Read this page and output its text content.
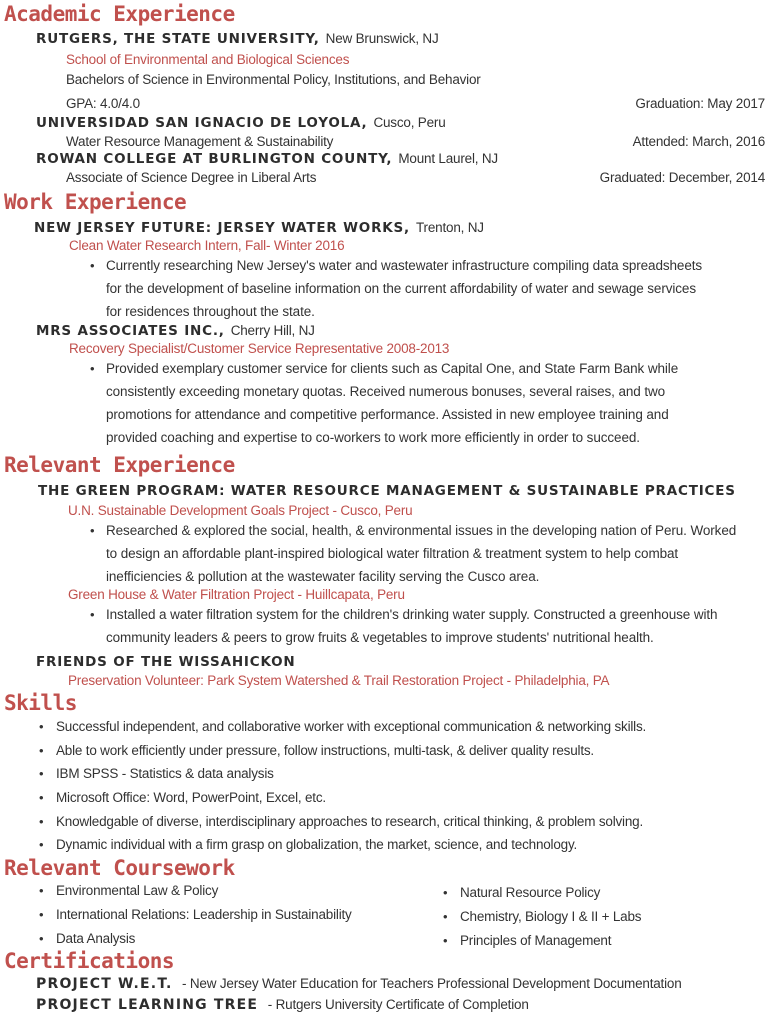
Academic Experience
RUTGERS, THE STATE UNIVERSITY, New Brunswick, NJ
School of Environmental and Biological Sciences
Bachelors of Science in Environmental Policy, Institutions, and Behavior
GPA: 4.0/4.0	Graduation: May 2017
UNIVERSIDAD SAN IGNACIO DE LOYOLA, Cusco, Peru
Water Resource Management & Sustainability	Attended: March, 2016
ROWAN COLLEGE AT BURLINGTON COUNTY, Mount Laurel, NJ
Associate of Science Degree in Liberal Arts	Graduated: December, 2014
Work Experience
NEW JERSEY FUTURE: JERSEY WATER WORKS, Trenton, NJ
Clean Water Research Intern, Fall- Winter 2016
• Currently researching New Jersey's water and wastewater infrastructure compiling data spreadsheets
for the development of baseline information on the current affordability of water and sewage services
for residences throughout the state.
MRS ASSOCIATES INC., Cherry Hill, NJ
Recovery Specialist/Customer Service Representative 2008-2013
• Provided exemplary customer service for clients such as Capital One, and State Farm Bank while
consistently exceeding monetary quotas. Received numerous bonuses, several raises, and two
promotions for attendance and competitive performance. Assisted in new employee training and
provided coaching and expertise to co-workers to work more efficiently in order to succeed.
Relevant Experience
THE GREEN PROGRAM: WATER RESOURCE MANAGEMENT & SUSTAINABLE PRACTICES
U.N. Sustainable Development Goals Project - Cusco, Peru
• Researched & explored the social, health, & environmental issues in the developing nation of Peru. Worked
to design an affordable plant-inspired biological water filtration & treatment system to help combat
inefficiencies & pollution at the wastewater facility serving the Cusco area.
Green House & Water Filtration Project - Huillcapata, Peru
• Installed a water filtration system for the children's drinking water supply. Constructed a greenhouse with
community leaders & peers to grow fruits & vegetables to improve students' nutritional health.
FRIENDS OF THE WISSAHICKON
Preservation Volunteer: Park System Watershed & Trail Restoration Project - Philadelphia, PA
Skills
• Successful independent, and collaborative worker with exceptional communication & networking skills.
• Able to work efficiently under pressure, follow instructions, multi-task, & deliver quality results.
• IBM SPSS - Statistics & data analysis
• Microsoft Office: Word, PowerPoint, Excel, etc.
• Knowledgable of diverse, interdisciplinary approaches to research, critical thinking, & problem solving.
• Dynamic individual with a firm grasp on globalization, the market, science, and technology.
Relevant Coursework
• Environmental Law & Policy
• International Relations: Leadership in Sustainability
• Data Analysis
• Natural Resource Policy
• Chemistry, Biology I & II + Labs
• Principles of Management
Certifications
PROJECT W.E.T. - New Jersey Water Education for Teachers Professional Development Documentation
PROJECT LEARNING TREE - Rutgers University Certificate of Completion
